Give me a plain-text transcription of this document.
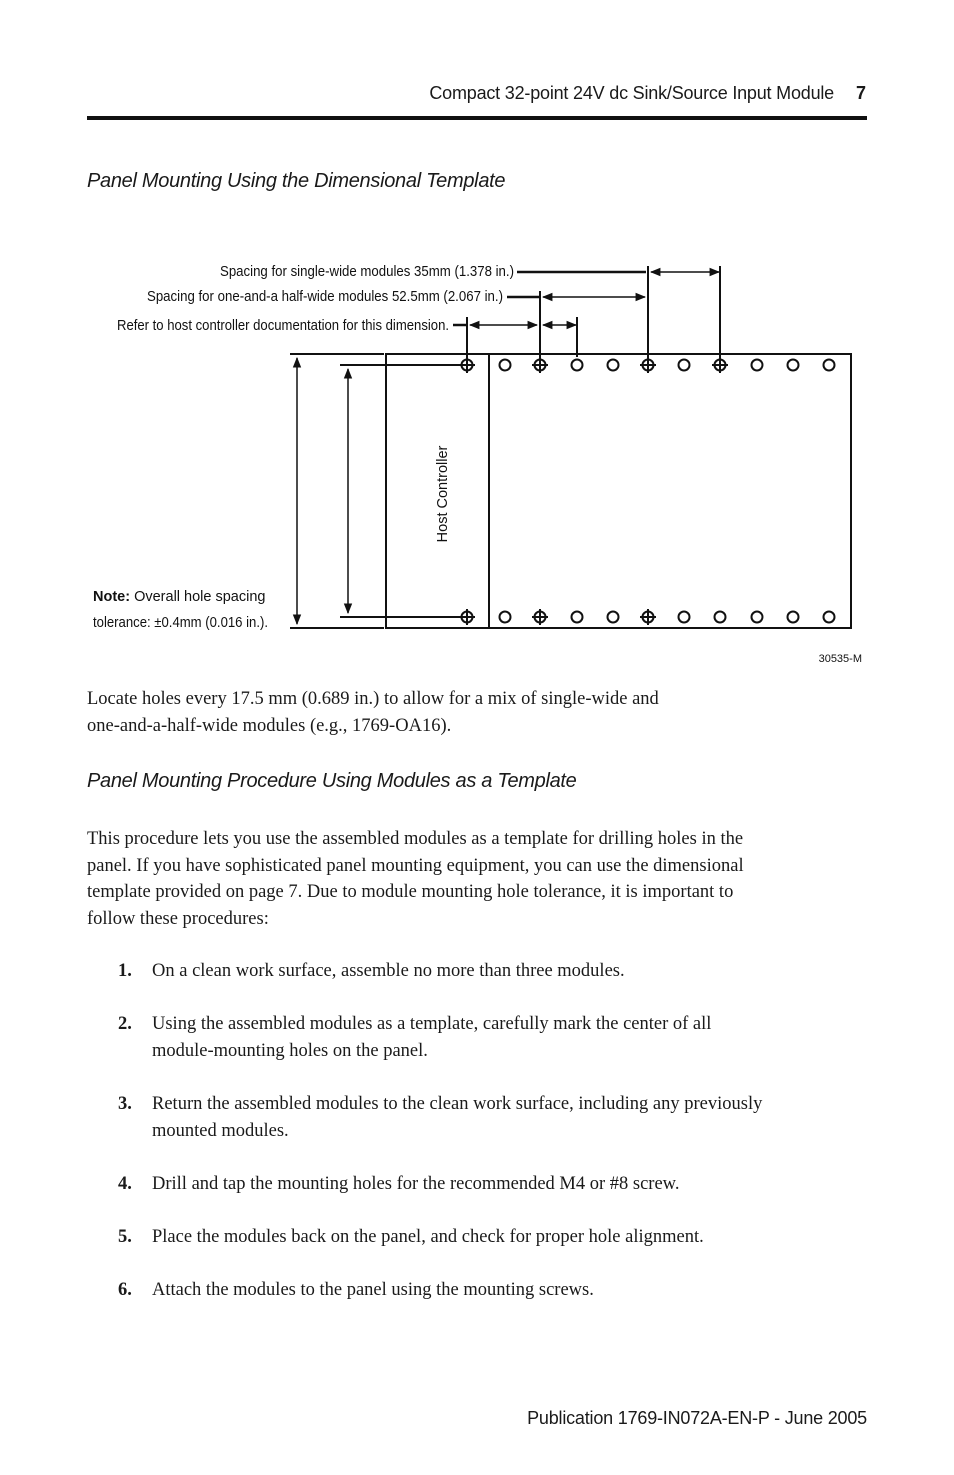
Compact 32-point 24V dc Sink/Source Input Module 7
Panel Mounting Using the Dimensional Template
Spacing for single-wide modules 35mm (1.378 in.)
Spacing for one-and-a half-wide modules 52.5mm (2.067 in.)
Refer to host controller documentation for this dimension.
Host Controller
Note: Overall hole spacing
tolerance: ±0.4mm (0.016 in.).
30535-M

Locate holes every 17.5 mm (0.689 in.) to allow for a mix of single-wide and

one-and-a-half-wide modules (e.g., 1769-OA16).

Panel Mounting Procedure Using Modules as a Template

This procedure lets you use the assembled modules as a template for drilling holes in the

panel. If you have sophisticated panel mounting equipment, you can use the dimensional

template provided on page 7. Due to module mounting hole tolerance, it is important to

follow these procedures:

1.	On a clean work surface, assemble no more than three modules.
2.	Using the assembled modules as a template, carefully mark the center of all
module-mounting holes on the panel.
3.	Return the assembled modules to the clean work surface, including any previously
mounted modules.
4.	Drill and tap the mounting holes for the recommended M4 or #8 screw.
5.	Place the modules back on the panel, and check for proper hole alignment.
6.	Attach the modules to the panel using the mounting screws.
Publication 1769-IN072A-EN-P - June 2005
